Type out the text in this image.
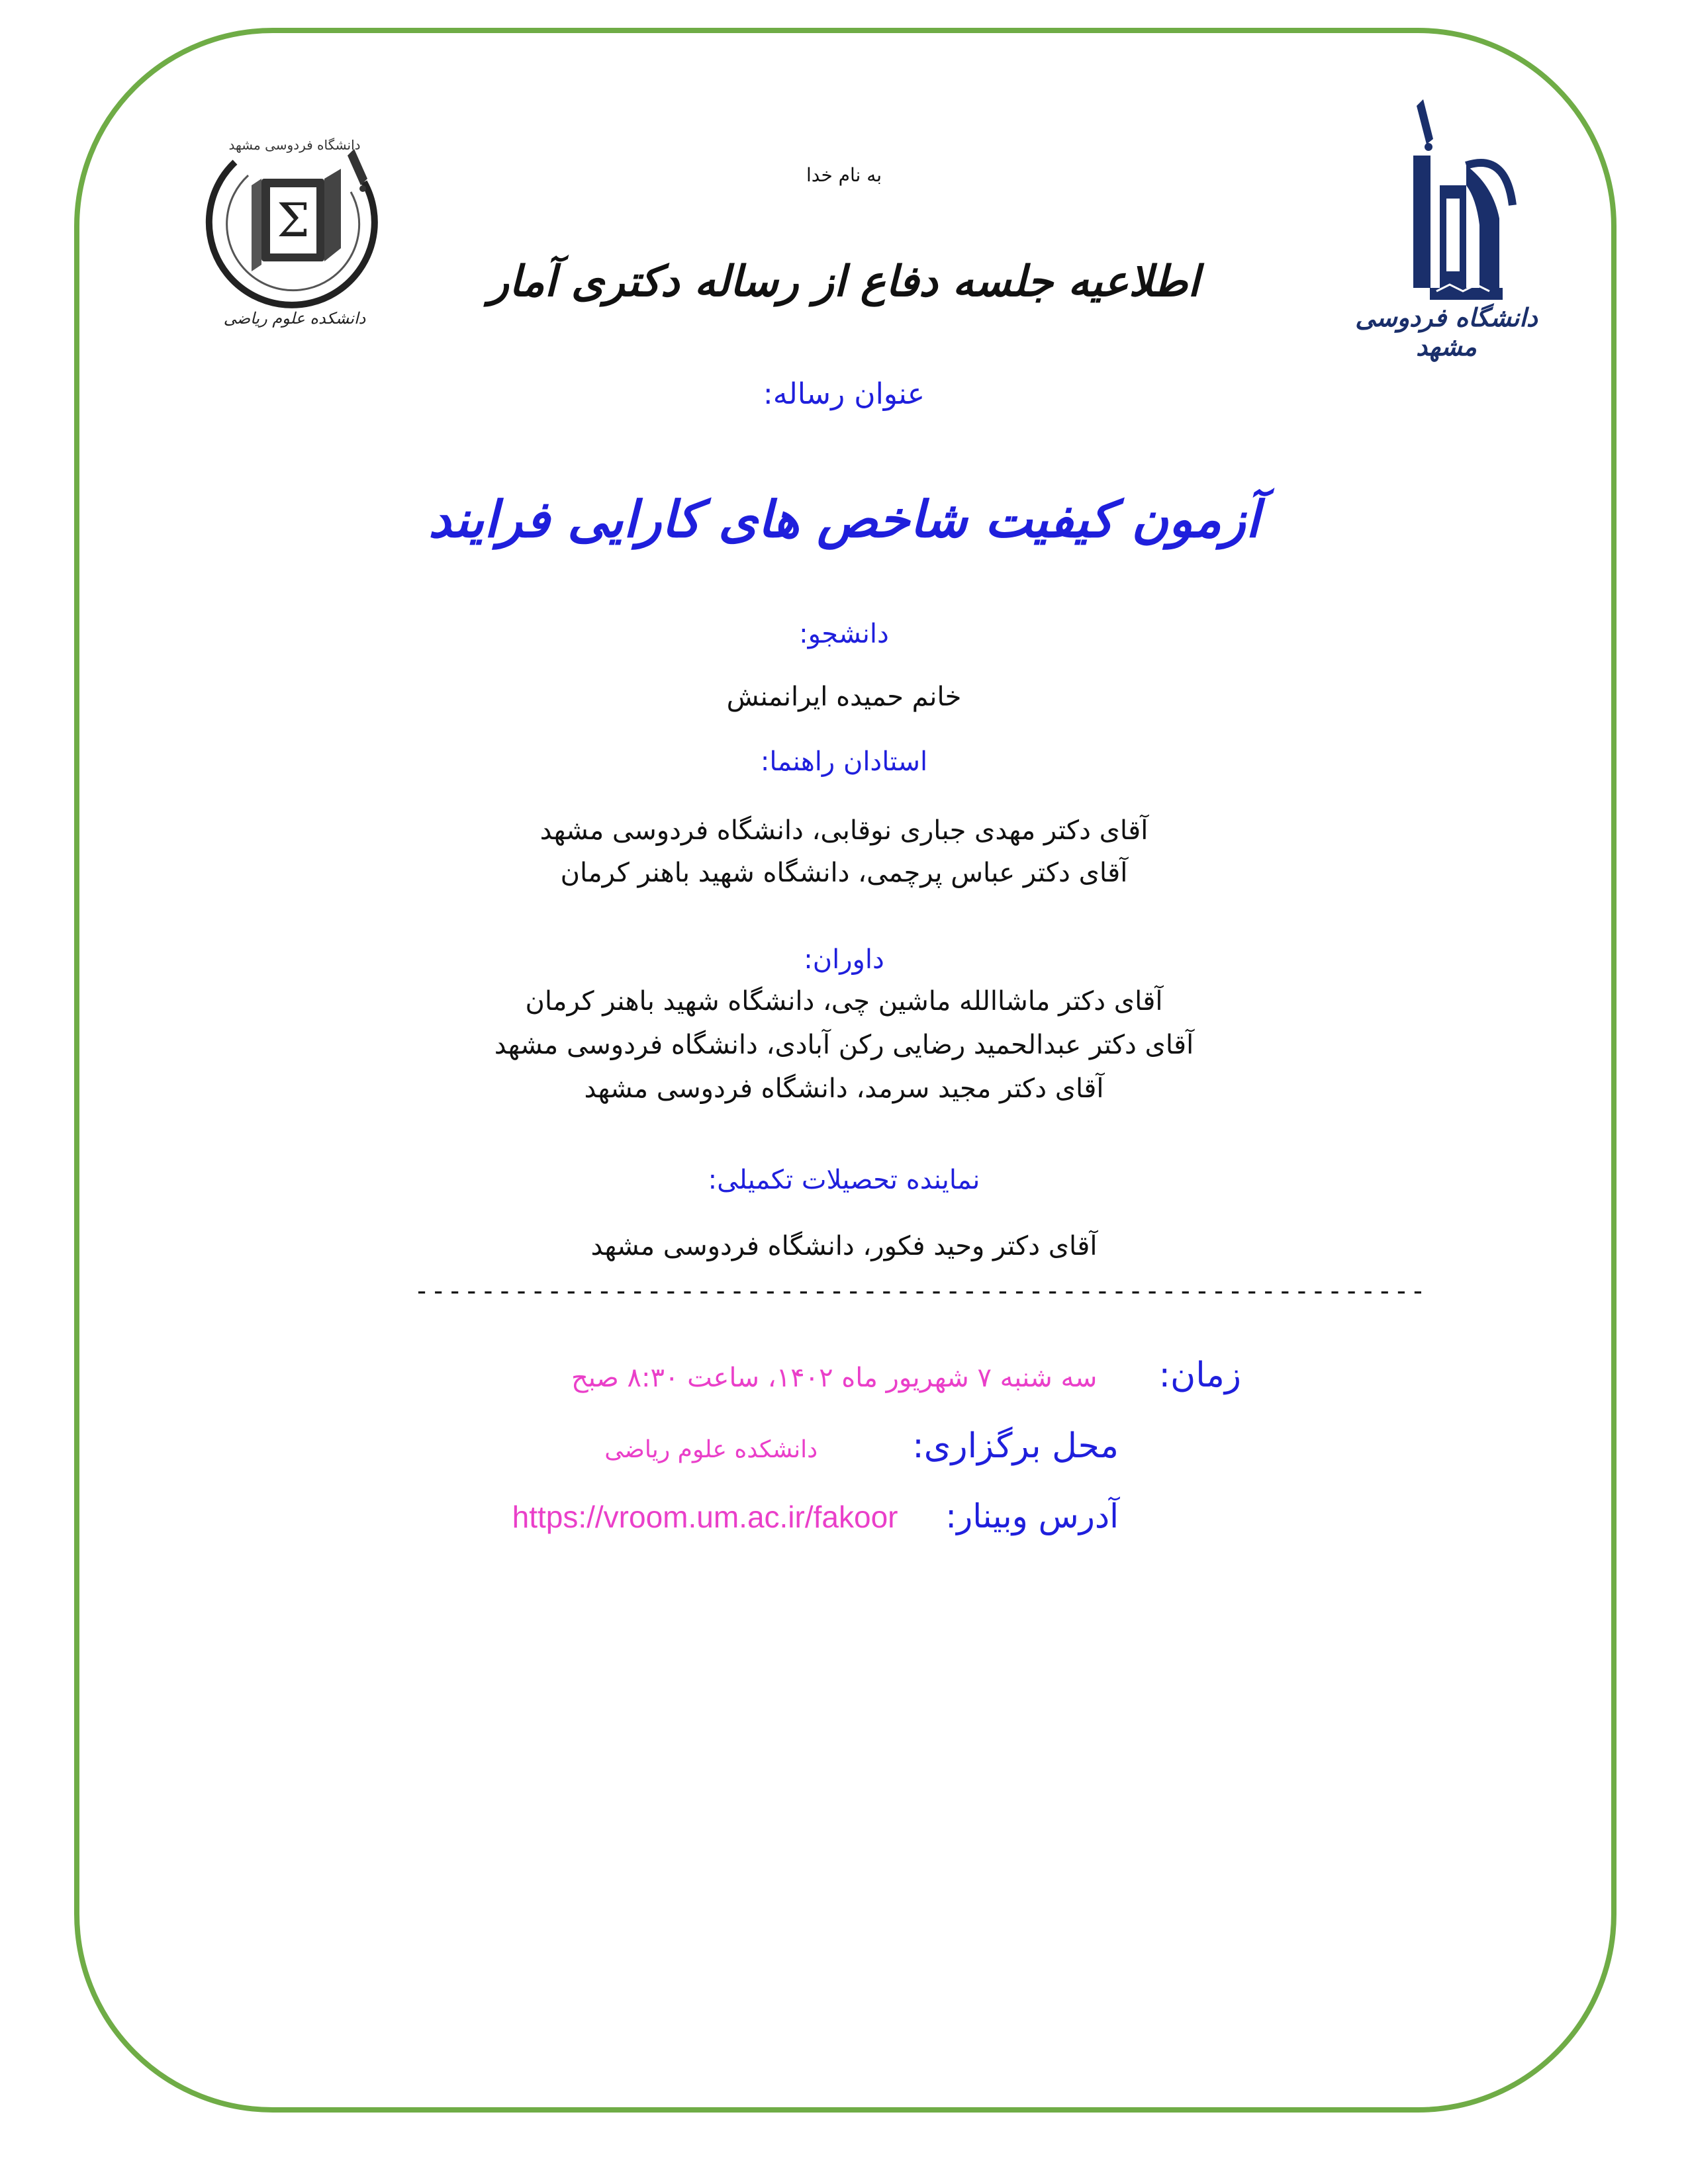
Σ
دانشگاه فردوسی مشهد
دانشکده علوم ریاضی	دانشگاه فردوسی مشهد
به نام خدا
اطلاعیه جلسه دفاع از رساله دکتری آمار
عنوان رساله:
آزمون کیفیت شاخص های کارایی فرایند
دانشجو:
خانم حمیده ایرانمنش
استادان راهنما:
آقای دکتر مهدی جباری نوقابی، دانشگاه فردوسی مشهد
آقای دکتر عباس پرچمی، دانشگاه شهید باهنر کرمان
داوران:
آقای دکتر ماشاالله ماشین چی، دانشگاه شهید باهنر کرمان
آقای دکتر عبدالحمید رضایی رکن آبادی، دانشگاه فردوسی مشهد
آقای دکتر مجید سرمد، دانشگاه فردوسی مشهد
نماینده تحصیلات تکمیلی:
آقای دکتر وحید فکور، دانشگاه فردوسی مشهد
-------------------------------------------------------------
زمان:  سه شنبه ۷ شهریور ماه ۱۴۰۲، ساعت ۸:۳۰ صبح
محل برگزاری:  دانشکده علوم ریاضی
آدرس وبینار:  https://vroom.um.ac.ir/fakoor
